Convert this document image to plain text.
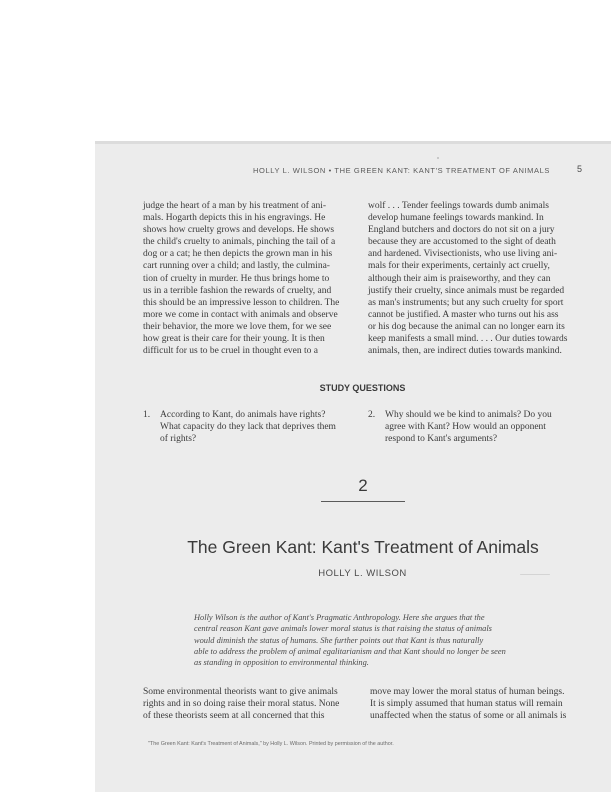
HOLLY L. WILSON • THE GREEN KANT: KANT'S TREATMENT OF ANIMALS	5

judge the heart of a man by his treatment of ani-
mals. Hogarth depicts this in his engravings. He
shows how cruelty grows and develops. He shows
the child's cruelty to animals, pinching the tail of a
dog or a cat; he then depicts the grown man in his
cart running over a child; and lastly, the culmina-
tion of cruelty in murder. He thus brings home to
us in a terrible fashion the rewards of cruelty, and
this should be an impressive lesson to children. The
more we come in contact with animals and observe
their behavior, the more we love them, for we see
how great is their care for their young. It is then
difficult for us to be cruel in thought even to a

wolf . . . Tender feelings towards dumb animals
develop humane feelings towards mankind. In
England butchers and doctors do not sit on a jury
because they are accustomed to the sight of death
and hardened. Vivisectionists, who use living ani-
mals for their experiments, certainly act cruelly,
although their aim is praiseworthy, and they can
justify their cruelty, since animals must be regarded
as man's instruments; but any such cruelty for sport
cannot be justified. A master who turns out his ass
or his dog because the animal can no longer earn its
keep manifests a small mind. . . . Our duties towards
animals, then, are indirect duties towards mankind.

STUDY QUESTIONS
1. According to Kant, do animals have rights?
What capacity do they lack that deprives them
of rights?
2. Why should we be kind to animals? Do you
agree with Kant? How would an opponent
respond to Kant's arguments?
2
The Green Kant: Kant's Treatment of Animals
HOLLY L. WILSON
Holly Wilson is the author of Kant's Pragmatic Anthropology. Here she argues that the
central reason Kant gave animals lower moral status is that raising the status of animals
would diminish the status of humans. She further points out that Kant is thus naturally
able to address the problem of animal egalitarianism and that Kant should no longer be seen
as standing in opposition to environmental thinking.

Some environmental theorists want to give animals
rights and in so doing raise their moral status. None
of these theorists seem at all concerned that this

move may lower the moral status of human beings.
It is simply assumed that human status will remain
unaffected when the status of some or all animals is

"The Green Kant: Kant's Treatment of Animals," by Holly L. Wilson. Printed by permission of the author.
